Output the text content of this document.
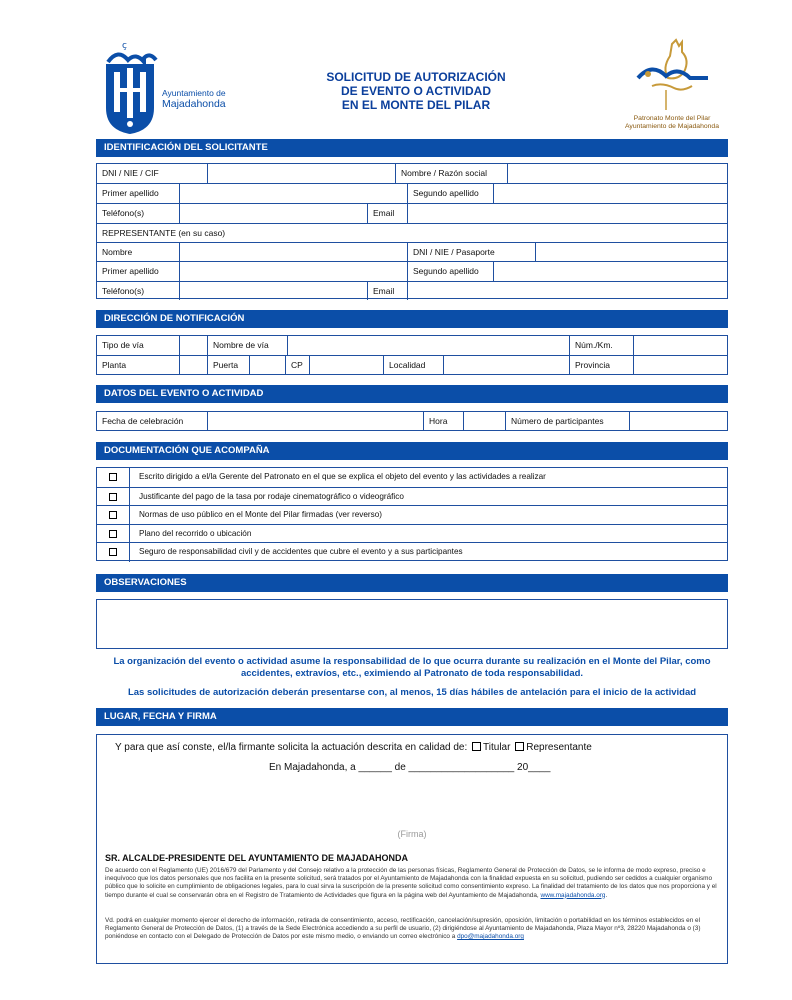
ç
Ayuntamiento de
Majadahonda
SOLICITUD DE AUTORIZACIÓN
DE EVENTO O ACTIVIDAD
EN EL MONTE DEL PILAR
Patronato Monte del Pilar
Ayuntamiento de Majadahonda
IDENTIFICACIÓN DEL SOLICITANTE
DNI / NIE / CIF	Nombre / Razón social
Primer apellido	Segundo apellido
Teléfono(s)	Email
REPRESENTANTE (en su caso)
Nombre	DNI / NIE / Pasaporte
Primer apellido	Segundo apellido
Teléfono(s)	Email
DIRECCIÓN DE NOTIFICACIÓN
Tipo de vía	Nombre de vía	Núm./Km.
Planta	Puerta	CP	Localidad	Provincia
DATOS DEL EVENTO O ACTIVIDAD
Fecha de celebración	Hora	Número de participantes
DOCUMENTACIÓN QUE ACOMPAÑA
Escrito dirigido a el/la Gerente del Patronato en el que se explica el objeto del evento y las actividades a realizar
Justificante del pago de la tasa por rodaje cinematográfico o videográfico
Normas de uso público en el Monte del Pilar firmadas (ver reverso)
Plano del recorrido o ubicación
Seguro de responsabilidad civil y de accidentes que cubre el evento y a sus participantes
OBSERVACIONES
La organización del evento o actividad asume la responsabilidad de lo que ocurra durante su realización en el Monte del Pilar, como accidentes, extravíos, etc., eximiendo al Patronato de toda responsabilidad.
Las solicitudes de autorización deberán presentarse con, al menos, 15 días hábiles de antelación para el inicio de la actividad
LUGAR, FECHA Y FIRMA
Y para que así conste, el/la firmante solicita la actuación descrita en calidad de: Titular Representante
En Majadahonda, a ______ de ___________________ 20____
(Firma)
SR. ALCALDE-PRESIDENTE DEL AYUNTAMIENTO DE MAJADAHONDA
De acuerdo con el Reglamento (UE) 2016/679 del Parlamento y del Consejo relativo a la protección de las personas físicas, Reglamento General de Protección de Datos, se le informa de modo expreso, preciso e inequívoco que los datos personales que nos facilita en la presente solicitud, será tratados por el Ayuntamiento de Majadahonda con la finalidad expuesta en su solicitud, pudiendo ser cedidos a cualquier organismo público que lo solicite en cumplimiento de obligaciones legales, para lo cual sirva la suscripción de la presente solicitud como consentimiento expreso. La finalidad del tratamiento de los datos que nos proporciona y el tiempo durante el cual se conservarán obra en el Registro de Tratamiento de Actividades que figura en la página web del Ayuntamiento de Majadahonda, www.majadahonda.org.
Vd. podrá en cualquier momento ejercer el derecho de información, retirada de consentimiento, acceso, rectificación, cancelación/supresión, oposición, limitación o portabilidad en los términos establecidos en el Reglamento General de Protección de Datos, (1) a través de la Sede Electrónica accediendo a su perfil de usuario, (2) dirigiéndose al Ayuntamiento de Majadahonda, Plaza Mayor nº3, 28220 Majadahonda o (3) poniéndose en contacto con el Delegado de Protección de Datos por este mismo medio, o enviando un correo electrónico a dpo@majadahonda.org
